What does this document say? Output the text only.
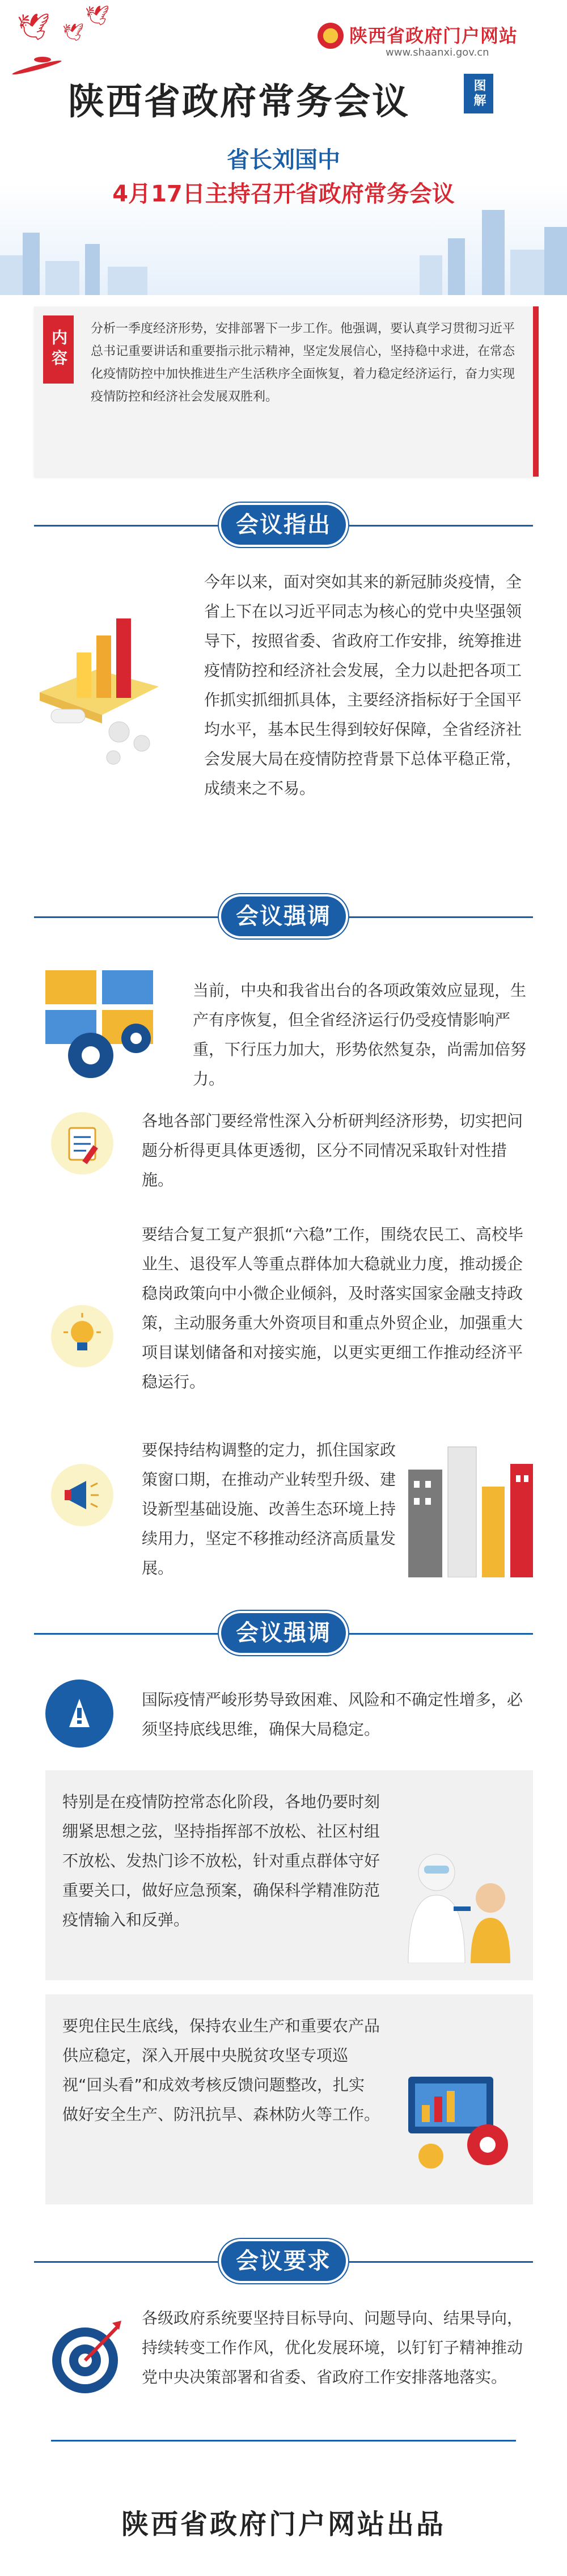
🕊 🕊
🕊
陕西省政府门户网站
www.shaanxi.gov.cn
陕西省政府常务会议	图解
省长刘国中
4月17日主持召开省政府常务会议
内容
分析一季度经济形势，安排部署下一步工作。他强调，要认真学习贯彻习近平总书记重要讲话和重要指示批示精神，坚定发展信心，坚持稳中求进，在常态化疫情防控中加快推进生产生活秩序全面恢复，着力稳定经济运行，奋力实现疫情防控和经济社会发展双胜利。
会议指出
今年以来，面对突如其来的新冠肺炎疫情，全省上下在以习近平同志为核心的党中央坚强领导下，按照省委、省政府工作安排，统筹推进疫情防控和经济社会发展，全力以赴把各项工作抓实抓细抓具体，主要经济指标好于全国平均水平，基本民生得到较好保障，全省经济社会发展大局在疫情防控背景下总体平稳正常，成绩来之不易。
会议强调
当前，中央和我省出台的各项政策效应显现，生产有序恢复，但全省经济运行仍受疫情影响严重，下行压力加大，形势依然复杂，尚需加倍努力。
各地各部门要经常性深入分析研判经济形势，切实把问题分析得更具体更透彻，区分不同情况采取针对性措施。
要结合复工复产狠抓“六稳”工作，围绕农民工、高校毕业生、退役军人等重点群体加大稳就业力度，推动援企稳岗政策向中小微企业倾斜，及时落实国家金融支持政策，主动服务重大外资项目和重点外贸企业，加强重大项目谋划储备和对接实施，以更实更细工作推动经济平稳运行。
要保持结构调整的定力，抓住国家政策窗口期，在推动产业转型升级、建设新型基础设施、改善生态环境上持续用力，坚定不移推动经济高质量发展。
会议强调
国际疫情严峻形势导致困难、风险和不确定性增多，必须坚持底线思维，确保大局稳定。
特别是在疫情防控常态化阶段，各地仍要时刻绷紧思想之弦，坚持指挥部不放松、社区村组不放松、发热门诊不放松，针对重点群体守好重要关口，做好应急预案，确保科学精准防范疫情输入和反弹。
要兜住民生底线，保持农业生产和重要农产品供应稳定，深入开展中央脱贫攻坚专项巡视“回头看”和成效考核反馈问题整改，扎实做好安全生产、防汛抗旱、森林防火等工作。
会议要求
各级政府系统要坚持目标导向、问题导向、结果导向，持续转变工作作风，优化发展环境，以钉钉子精神推动党中央决策部署和省委、省政府工作安排落地落实。
陕西省政府门户网站出品
